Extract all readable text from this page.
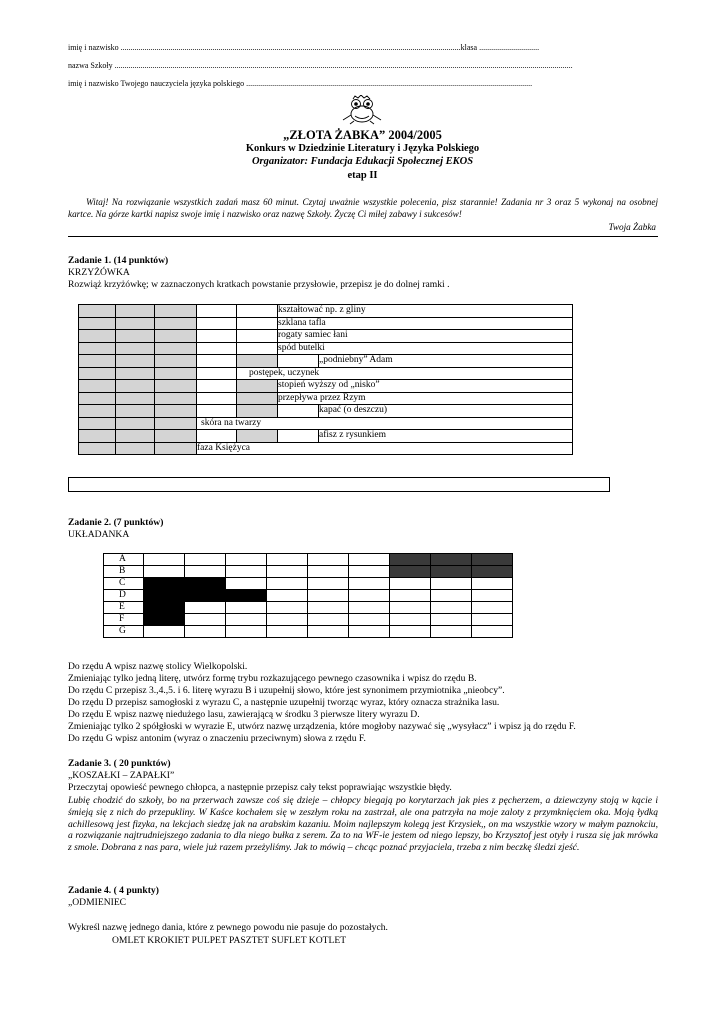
imię i nazwisko ..........................................................................................................................................................................klasa ..............................
nazwa Szkoły .....................................................................................................................................................................................................................................
imię i nazwisko Twojego nauczyciela języka polskiego ...............................................................................................................................................
„ZŁOTA ŻABKA” 2004/2005
Konkurs w Dziedzinie Literatury i Języka Polskiego
Organizator: Fundacja Edukacji Społecznej EKOS
etap II
Witaj! Na rozwiązanie wszystkich zadań masz 60 minut. Czytaj uważnie wszystkie polecenia, pisz starannie! Zadania nr 3 oraz 5 wykonaj na osobnej kartce. Na górze kartki napisz swoje imię i nazwisko oraz nazwę Szkoły. Życzę Ci miłej zabawy i sukcesów!
Twoja Żabka
Zadanie 1. (14 punktów)
KRZYŻÓWKA
Rozwiąż krzyżówkę; w zaznaczonych kratkach powstanie przysłowie, przepisz je do dolnej ramki .
					kształtować np. z gliny	
					szklana tafla	
					rogaty samiec łani	
					spód butelki	
						„podniebny” Adam
				postępek, uczynek		
					stopień wyższy od „nisko”	
					przepływa przez Rzym	
						kapać (o deszczu)
			skóra na twarzy			
						afisz z rysunkiem
			faza Księżyca			
Zadanie 2. (7 punktów)
UKŁADANKA
A									
B									
C									
D									
E									
F									
G									
Do rzędu A wpisz nazwę stolicy Wielkopolski.
Zmieniając tylko jedną literę, utwórz formę trybu rozkazującego pewnego czasownika i wpisz do rzędu B.
Do rzędu C przepisz 3.,4.,5. i 6. literę wyrazu B i uzupełnij słowo, które jest synonimem przymiotnika „nieobcy”.
Do rzędu D przepisz samogłoski z wyrazu C, a następnie uzupełnij tworząc wyraz, który oznacza strażnika lasu.
Do rzędu E wpisz nazwę niedużego lasu, zawierającą w środku 3 pierwsze litery wyrazu D.
Zmieniając tylko 2 spółgłoski w wyrazie E, utwórz nazwę urządzenia, które mogłoby nazywać się „wysyłacz” i wpisz ją do rzędu F.
Do rzędu G wpisz antonim (wyraz o znaczeniu przeciwnym) słowa z rzędu F.
Zadanie 3. ( 20 punktów)
„KOSZAŁKI – ZAPAŁKI”
Przeczytaj opowieść pewnego chłopca, a następnie przepisz cały tekst poprawiając wszystkie błędy.
Lubię chodzić do szkoły, bo na przerwach zawsze coś się dzieje – chłopcy biegają po korytarzach jak pies z pęcherzem, a dziewczyny stoją w kącie i śmieją się z nich do przepukliny. W Kaśce kochałem się w zeszłym roku na zastrzał, ale ona patrzyła na moje zaloty z przymknięciem oka. Moją łydką achillesową jest fizyka, na lekcjach siedzę jak na arabskim kazaniu. Moim najlepszym kolegą jest Krzysiek,, on ma wszystkie wzory w małym paznokciu, a rozwiązanie najtrudniejszego zadania to dla niego bułka z serem. Za to na WF-ie jestem od niego lepszy, bo Krzysztof jest otyły i rusza się jak mrówka z smole. Dobrana z nas para, wiele już razem przeżyliśmy. Jak to mówią – chcąc poznać przyjaciela, trzeba z nim beczkę śledzi zjeść.
Zadanie 4. ( 4 punkty)
„ODMIENIEC
Wykreśl nazwę jednego dania, które z pewnego powodu nie pasuje do pozostałych.
OMLET KROKIET PULPET PASZTET SUFLET KOTLET
